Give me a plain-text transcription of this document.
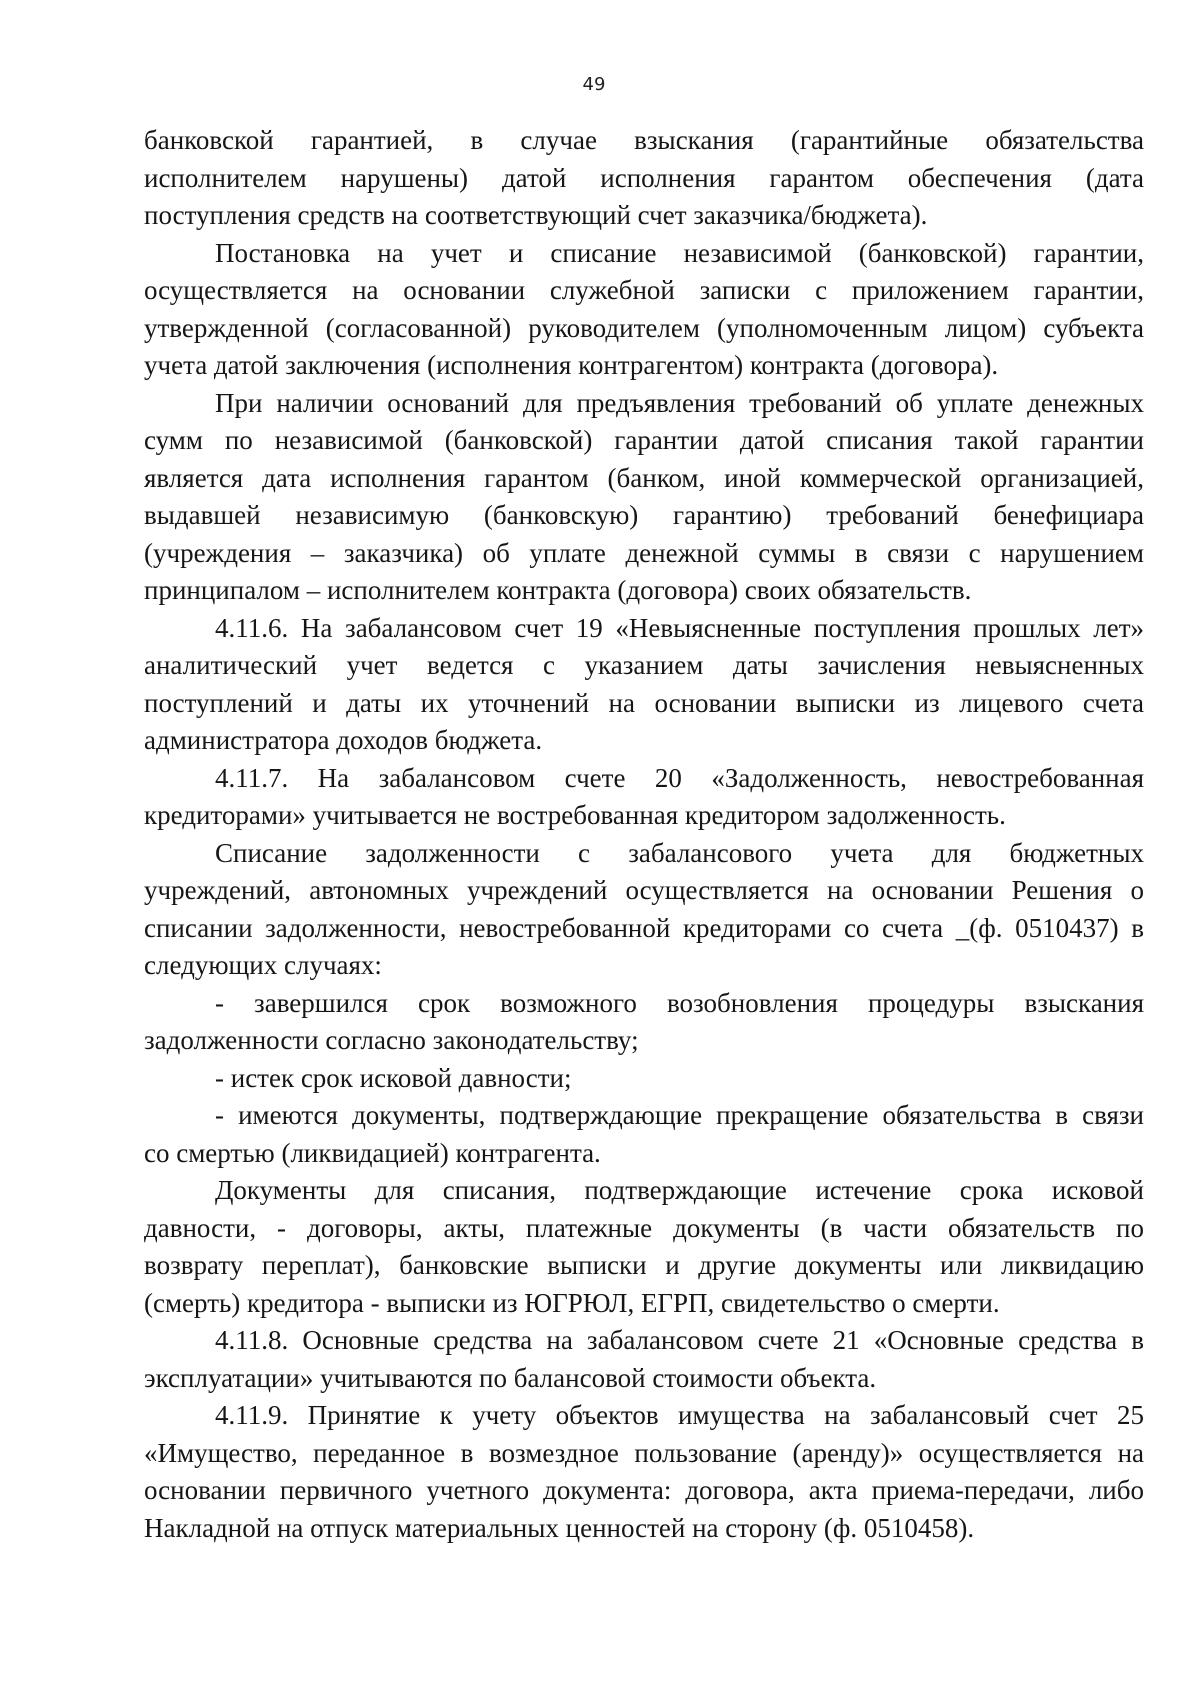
49
банковской гарантией, в случае взыскания (гарантийные обязательства
исполнителем нарушены) датой исполнения гарантом обеспечения (дата
поступления средств на соответствующий счет заказчика/бюджета).
Постановка на учет и списание независимой (банковской) гарантии,
осуществляется на основании служебной записки с приложением гарантии,
утвержденной (согласованной) руководителем (уполномоченным лицом) субъекта
учета датой заключения (исполнения контрагентом) контракта (договора).
При наличии оснований для предъявления требований об уплате денежных
сумм по независимой (банковской) гарантии датой списания такой гарантии
является дата исполнения гарантом (банком, иной коммерческой организацией,
выдавшей независимую (банковскую) гарантию) требований бенефициара
(учреждения – заказчика) об уплате денежной суммы в связи с нарушением
принципалом – исполнителем контракта (договора) своих обязательств.
4.11.6. На забалансовом счет 19 «Невыясненные поступления прошлых лет»
аналитический учет ведется с указанием даты зачисления невыясненных
поступлений и даты их уточнений на основании выписки из лицевого счета
администратора доходов бюджета.
4.11.7. На забалансовом счете 20 «Задолженность, невостребованная
кредиторами» учитывается не востребованная кредитором задолженность.
Списание задолженности с забалансового учета для бюджетных
учреждений, автономных учреждений осуществляется на основании Решения о
списании задолженности, невостребованной кредиторами со счета _(ф. 0510437) в
следующих случаях:
- завершился срок возможного возобновления процедуры взыскания
задолженности согласно законодательству;
- истек срок исковой давности;
- имеются документы, подтверждающие прекращение обязательства в связи
со смертью (ликвидацией) контрагента.
Документы для списания, подтверждающие истечение срока исковой
давности, - договоры, акты, платежные документы (в части обязательств по
возврату переплат), банковские выписки и другие документы или ликвидацию
(смерть) кредитора - выписки из ЮГРЮЛ, ЕГРП, свидетельство о смерти.
4.11.8. Основные средства на забалансовом счете 21 «Основные средства в
эксплуатации» учитываются по балансовой стоимости объекта.
4.11.9. Принятие к учету объектов имущества на забалансовый счет 25
«Имущество, переданное в возмездное пользование (аренду)» осуществляется на
основании первичного учетного документа: договора, акта приема-передачи, либо
Накладной на отпуск материальных ценностей на сторону (ф. 0510458).
